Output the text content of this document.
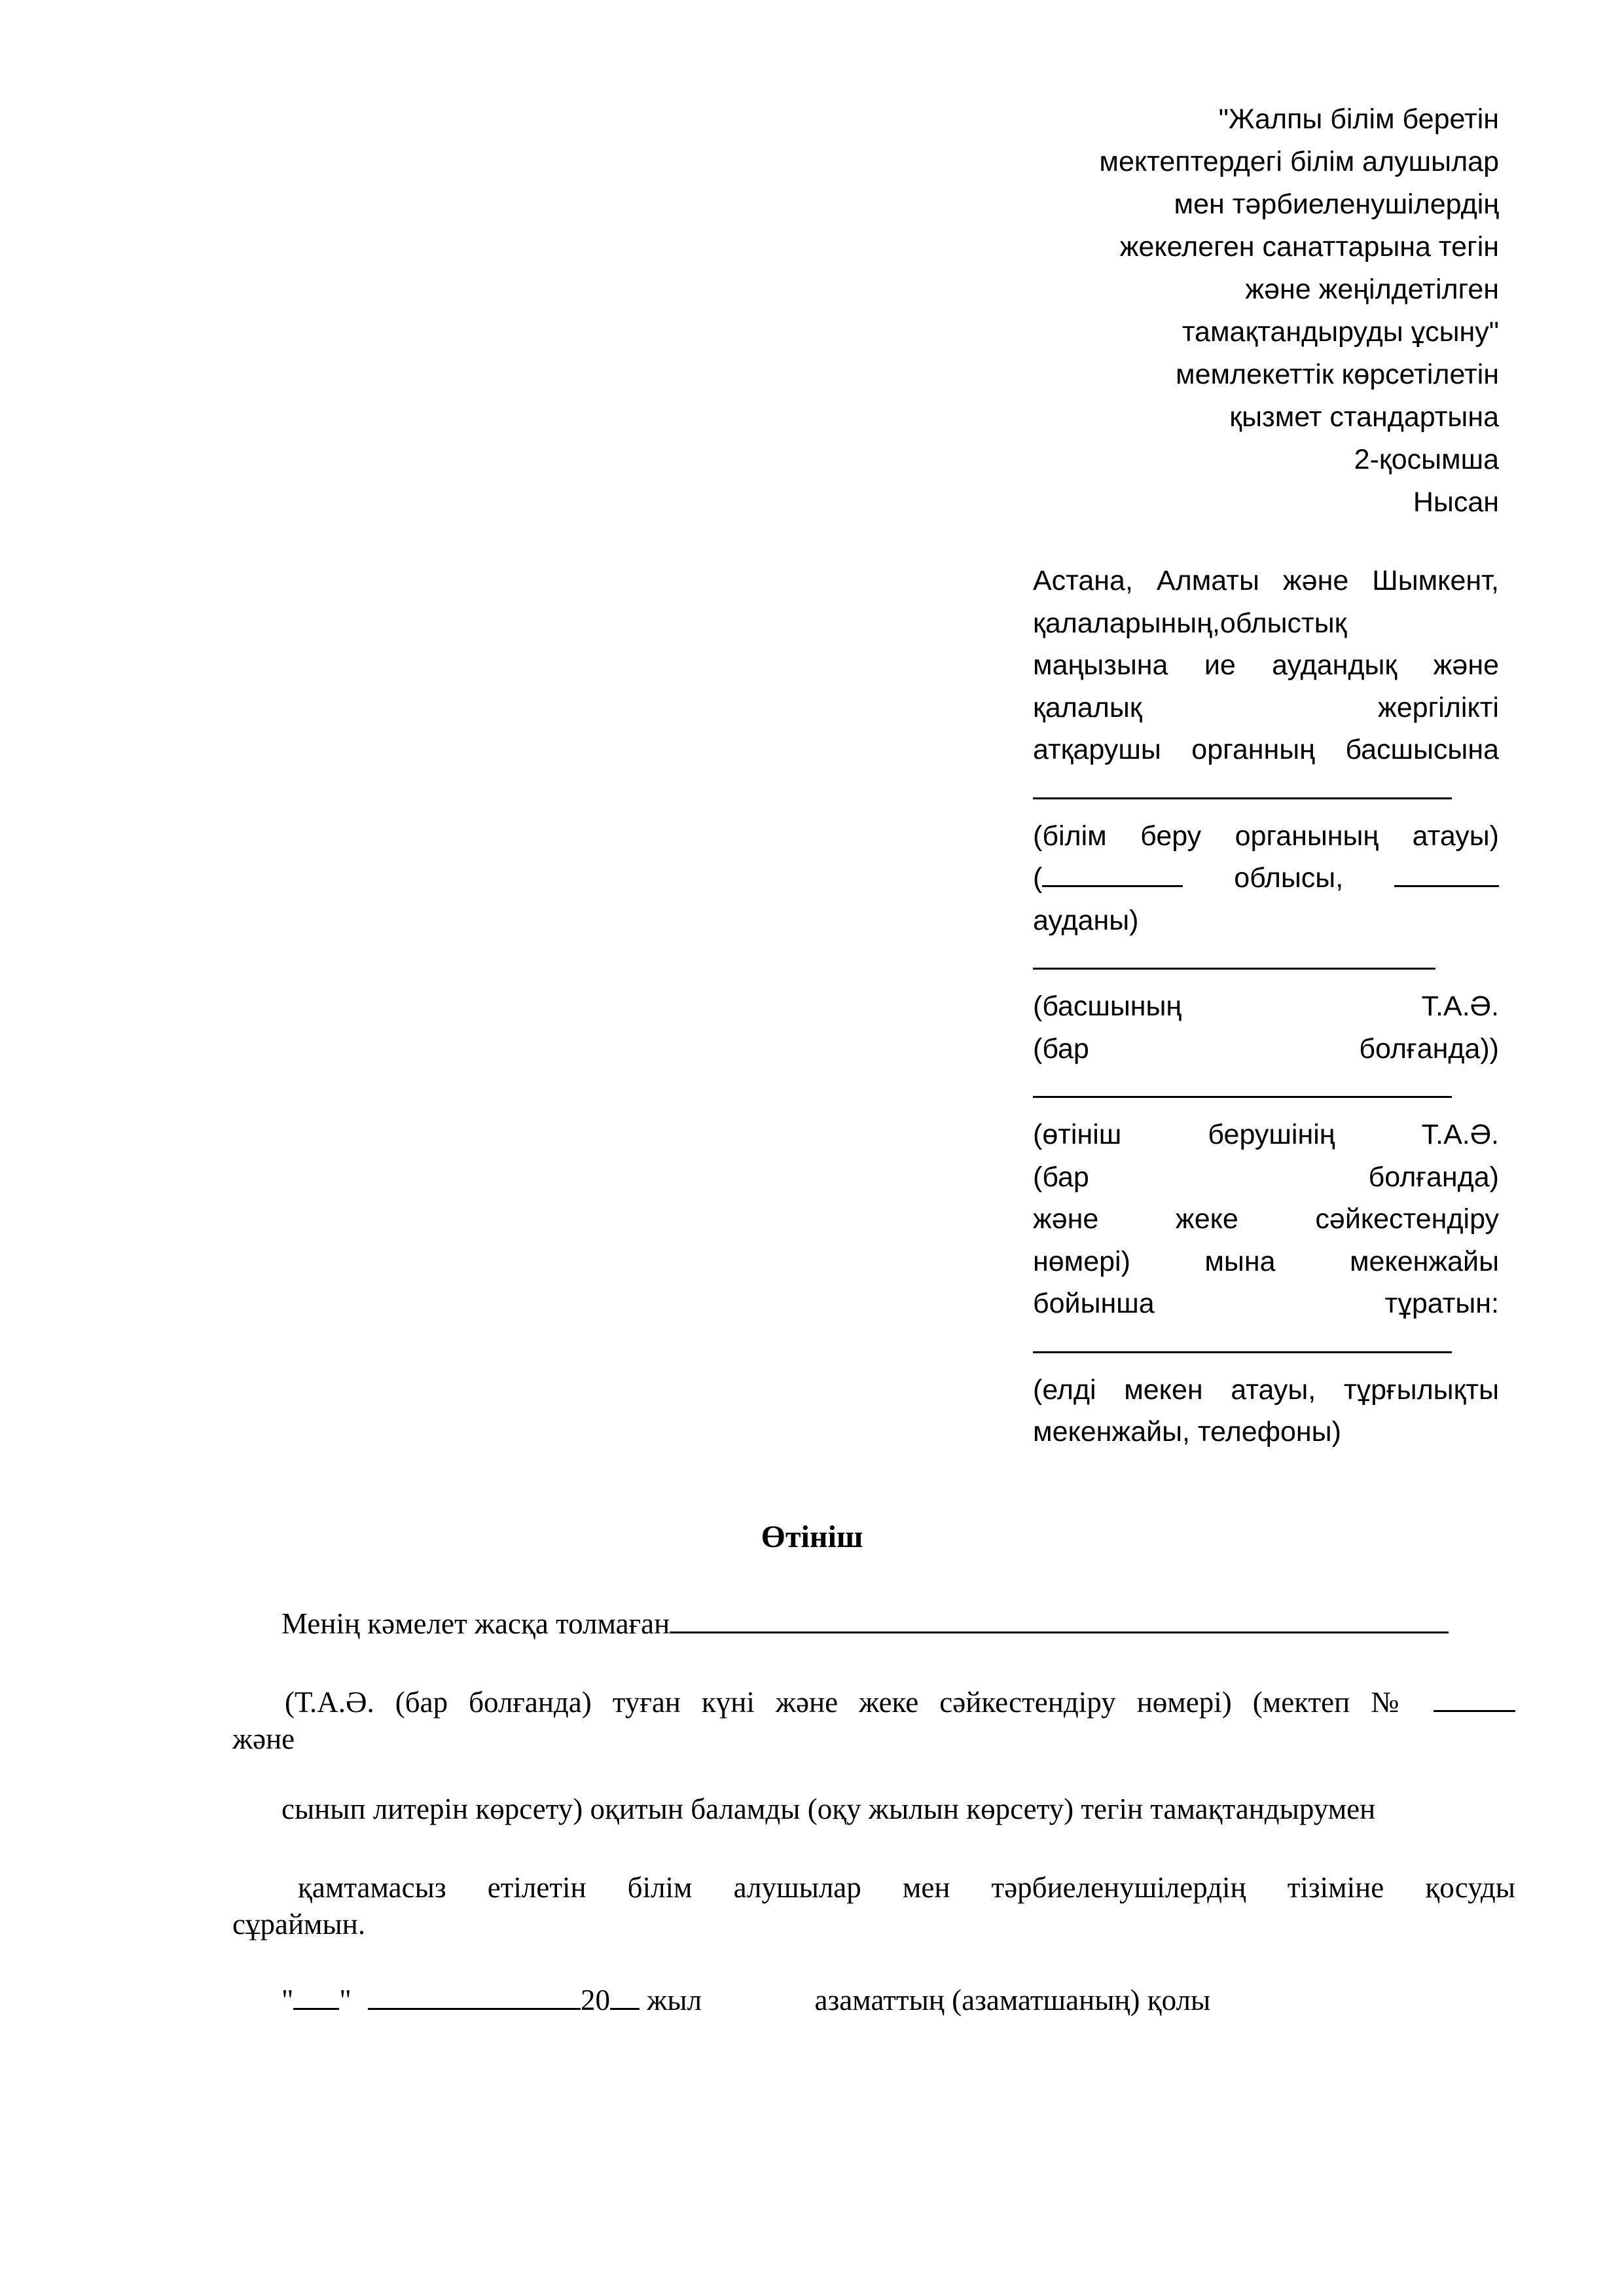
"Жалпы білім беретін
мектептердегі білім алушылар
мен тәрбиеленушілердің
жекелеген санаттарына тегін
және жеңілдетілген
тамақтандыруды ұсыну"
мемлекеттік көрсетілетін
қызмет стандартына
2-қосымша
Нысан
Астана, Алматы және Шымкент,
қалаларының,облыстық
маңызына ие аудандық және
қалалық жергілікті
атқарушы органның басшысына
(білім беру органының атауы)
(	облысы,
ауданы)
(басшының Т.А.Ә.
(бар болғанда))
(өтініш берушінің Т.А.Ә.
(бар болғанда)
және жеке сәйкестендіру
нөмері) мына мекенжайы
бойынша тұратын:
(елді мекен атауы, тұрғылықты
мекенжайы, телефоны)
Өтініш
Менің кәмелет жасқа толмаған
(Т.А.Ә. (бар болғанда) туған күні және жеке сәйкестендіру нөмері) (мектеп №
және
сынып литерін көрсету) оқитын баламды (оқу жылын көрсету) тегін тамақтандырумен
қамтамасыз етілетін білім алушылар мен тәрбиеленушілердің тізіміне қосуды
сұраймын.
" "	20 жыл	азаматтың (азаматшаның) қолы
